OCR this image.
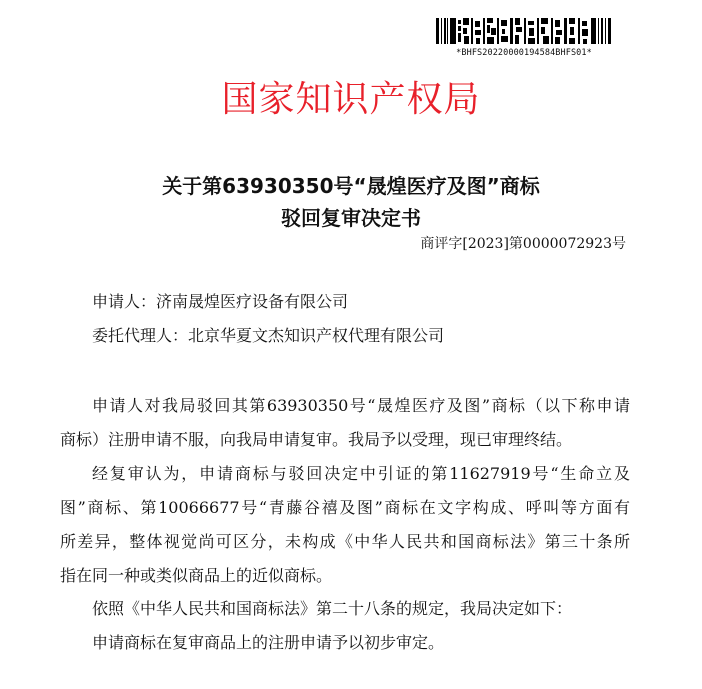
*BHFS20220000194584BHFS01*
国家知识产权局
关于第63930350号“晟煌医疗及图”商标
驳回复审决定书
商评字[2023]第0000072923号
申请人：济南晟煌医疗设备有限公司
委托代理人：北京华夏文杰知识产权代理有限公司
申请人对我局驳回其第63930350号“晟煌医疗及图”商标（以下称申请
商标）注册申请不服，向我局申请复审。我局予以受理，现已审理终结。
经复审认为，申请商标与驳回决定中引证的第11627919号“生命立及
图”商标、第10066677号“青藤谷禧及图”商标在文字构成、呼叫等方面有
所差异，整体视觉尚可区分，未构成《中华人民共和国商标法》第三十条所
指在同一种或类似商品上的近似商标。
依照《中华人民共和国商标法》第二十八条的规定，我局决定如下：
申请商标在复审商品上的注册申请予以初步审定。
